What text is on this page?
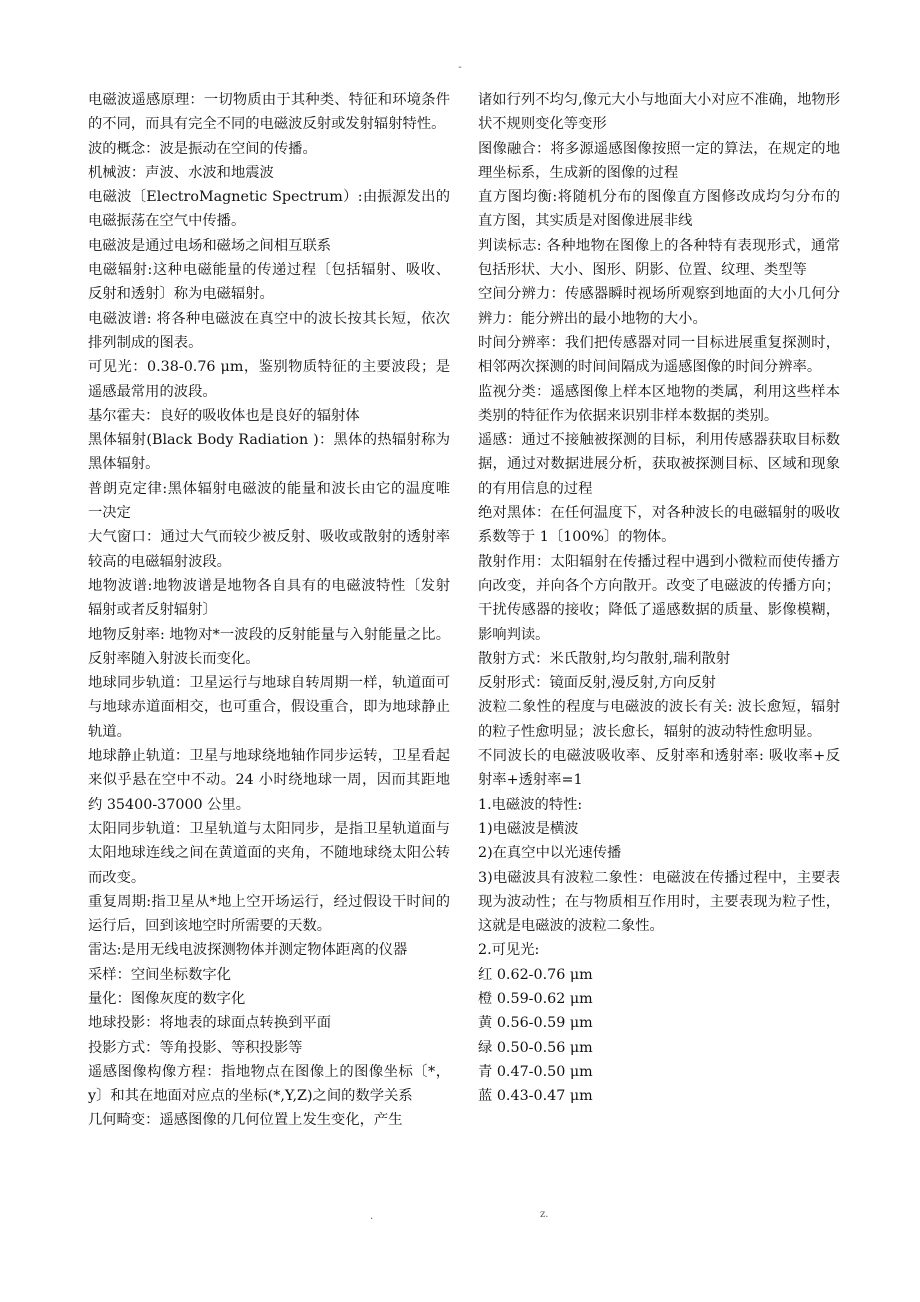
-

电磁波遥感原理：一切物质由于其种类、特征和环境条件的不同，而具有完全不同的电磁波反射或发射辐射特性。

波的概念：波是振动在空间的传播。

机械波：声波、水波和地震波

电磁波〔ElectroMagnetic Spectrum）:由振源发出的电磁振荡在空气中传播。

电磁波是通过电场和磁场之间相互联系

电磁辐射:这种电磁能量的传递过程〔包括辐射、吸收、反射和透射〕称为电磁辐射。

电磁波谱: 将各种电磁波在真空中的波长按其长短，依次排列制成的图表。

可见光：0.38-0.76 μm，鉴别物质特征的主要波段；是遥感最常用的波段。

基尔霍夫：良好的吸收体也是良好的辐射体

黑体辐射(Black Body Radiation )：黑体的热辐射称为黑体辐射。

普朗克定律:黑体辐射电磁波的能量和波长由它的温度唯一决定

大气窗口：通过大气而较少被反射、吸收或散射的透射率较高的电磁辐射波段。

地物波谱:地物波谱是地物各自具有的电磁波特性〔发射辐射或者反射辐射〕

地物反射率: 地物对*一波段的反射能量与入射能量之比。反射率随入射波长而变化。

地球同步轨道：卫星运行与地球自转周期一样，轨道面可与地球赤道面相交，也可重合，假设重合，即为地球静止轨道。

地球静止轨道：卫星与地球绕地轴作同步运转，卫星看起来似乎悬在空中不动。24 小时绕地球一周，因而其距地约 35400-37000 公里。

太阳同步轨道：卫星轨道与太阳同步，是指卫星轨道面与太阳地球连线之间在黄道面的夹角，不随地球绕太阳公转而改变。

重复周期:指卫星从*地上空开场运行，经过假设干时间的运行后，回到该地空时所需要的天数。

雷达:是用无线电波探测物体并测定物体距离的仪器

采样：空间坐标数字化

量化：图像灰度的数字化

地球投影：将地表的球面点转换到平面

投影方式：等角投影、等积投影等

遥感图像构像方程：指地物点在图像上的图像坐标〔*，y〕和其在地面对应点的坐标(*,Y,Z)之间的数学关系

几何畸变：遥感图像的几何位置上发生变化，产生

诸如行列不均匀,像元大小与地面大小对应不准确，地物形状不规则变化等变形

图像融合：将多源遥感图像按照一定的算法，在规定的地理坐标系，生成新的图像的过程

直方图均衡:将随机分布的图像直方图修改成均匀分布的直方图，其实质是对图像进展非线

判读标志: 各种地物在图像上的各种特有表现形式，通常包括形状、大小、图形、阴影、位置、纹理、类型等

空间分辨力：传感器瞬时视场所观察到地面的大小几何分辨力：能分辨出的最小地物的大小。

时间分辨率：我们把传感器对同一目标进展重复探测时，相邻两次探测的时间间隔成为遥感图像的时间分辨率。

监视分类：遥感图像上样本区地物的类属，利用这些样本类别的特征作为依据来识别非样本数据的类别。

遥感：通过不接触被探测的目标，利用传感器获取目标数据，通过对数据进展分析，获取被探测目标、区域和现象的有用信息的过程

绝对黑体：在任何温度下，对各种波长的电磁辐射的吸收系数等于 1〔100%〕的物体。

散射作用：太阳辐射在传播过程中遇到小微粒而使传播方向改变，并向各个方向散开。改变了电磁波的传播方向；干扰传感器的接收；降低了遥感数据的质量、影像模糊，影响判读。

散射方式：米氏散射,均匀散射,瑞利散射

反射形式：镜面反射,漫反射,方向反射

波粒二象性的程度与电磁波的波长有关: 波长愈短，辐射的粒子性愈明显；波长愈长，辐射的波动特性愈明显。

不同波长的电磁波吸收率、反射率和透射率: 吸收率+反射率+透射率=1

1.电磁波的特性:

1)电磁波是横波

2)在真空中以光速传播

3)电磁波具有波粒二象性：电磁波在传播过程中，主要表现为波动性；在与物质相互作用时，主要表现为粒子性，这就是电磁波的波粒二象性。

2.可见光:

红 0.62-0.76 μm

橙 0.59-0.62 μm

黄 0.56-0.59 μm

绿 0.50-0.56 μm

青 0.47-0.50 μm

蓝 0.43-0.47 μm

.	z.
